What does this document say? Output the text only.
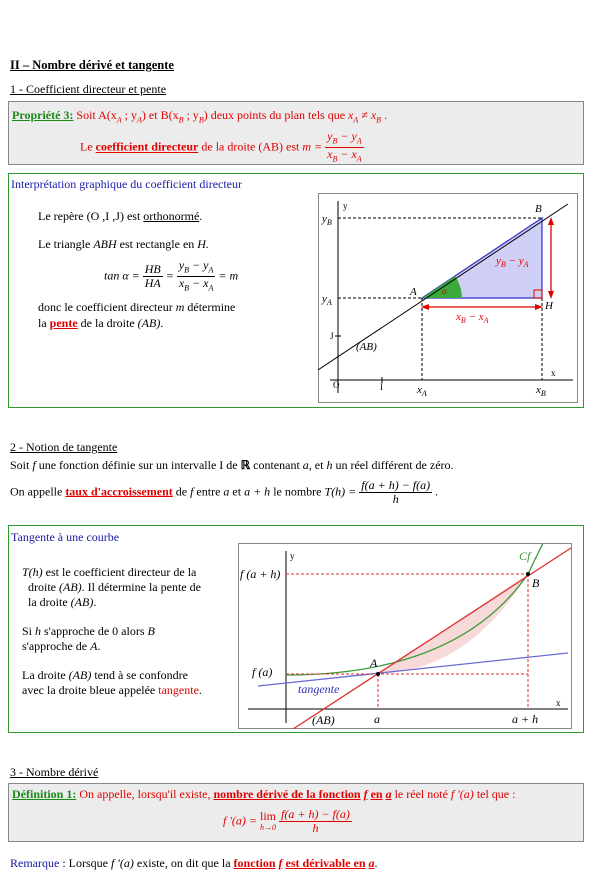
II – Nombre dérivé et tangente
1 - Coefficient directeur et pente
Propriété 3: Soit $A(x_A$ ; $y_A$) et $B(x_B$ ; $y_B$) deux points du plan tels que $x_A \ne x_B$ .
Le coefficient directeur de la droite (AB) est $m = \frac{y_B - y_A}{x_B - x_A}$
Interprétation graphique du coefficient directeur
Le repère (O ,I ,J) est orthonormé.
Le triangle ABH est rectangle en H.
$\tan \alpha = \frac{HB}{HA} = \frac{y_B - y_A}{x_B - x_A} = m$
donc le coefficient directeur m détermine
la pente de la droite (AB).
y
x
O	I
J
$y_B$
$y_A$
$x_A$	$x_B$
A
B
H
(AB)
α
$y_B - y_A$
$x_B - x_A$
2 - Notion de tangente
Soit f une fonction définie sur un intervalle I de ℝ contenant a, et h un réel différent de zéro.
On appelle taux d'accroissement de f entre a et a + h le nombre $T(h) = \frac{f(a + h) - f(a)}{h}$ .
Tangente à une courbe
T(h) est le coefficient directeur de la
droite (AB). Il détermine la pente de
la droite (AB).
Si h s'approche de 0 alors B
s'approche de A.
La droite (AB) tend à se confondre
avec la droite bleue appelée tangente.
y
x
f (a + h)
f (a)
A
B
Cf
tangente
(AB)	a	a + h
3 - Nombre dérivé
Définition 1: On appelle, lorsqu'il existe, nombre dérivé de la fonction f en a le réel noté f '(a) tel que :
f '(a) = lim
h→0
$\frac{f(a + h) - f(a)}{h}$
Remarque : Lorsque f '(a) existe, on dit que la fonction f est dérivable en a.
